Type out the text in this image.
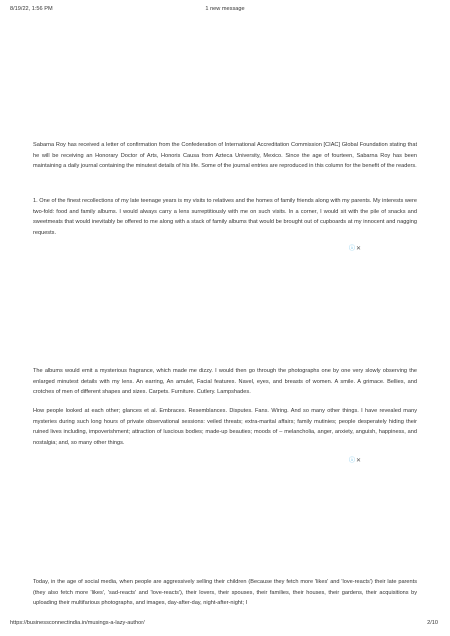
8/19/22, 1:56 PM	1 new message

Sabarna Roy has received a letter of confirmation from the Confederation of International Accreditation Commission [CIAC] Global Foundation stating that he will be receiving an Honorary Doctor of Arts, Honoris Causa from Azteca University, Mexico. Since the age of fourteen, Sabarna Roy has been maintaining a daily journal containing the minutest details of his life. Some of the journal entries are reproduced in this column for the benefit of the readers.

1. One of the finest recollections of my late teenage years is my visits to relatives and the homes of family friends along with my parents. My interests were two-fold: food and family albums. I would always carry a lens surreptitiously with me on such visits. In a corner, I would sit with the pile of snacks and sweetmeats that would inevitably be offered to me along with a stack of family albums that would be brought out of cupboards at my innocent and nagging requests.

ⓘ✕

The albums would emit a mysterious fragrance, which made me dizzy. I would then go through the photographs one by one very slowly observing the enlarged minutest details with my lens. An earring, An amulet, Facial features. Navel, eyes, and breasts of women. A smile. A grimace. Bellies, and crotches of men of different shapes and sizes. Carpets. Furniture. Cutlery. Lampshades.

How people looked at each other; glances et al. Embraces. Resemblances. Disputes. Fans. Wiring. And so many other things. I have revealed many mysteries during such long hours of private observational sessions: veiled threats; extra-marital affairs; family mutinies; people desperately hiding their ruined lives including, impoverishment; attraction of luscious bodies; made-up beauties; moods of – melancholia, anger, anxiety, anguish, happiness, and nostalgia; and, so many other things.

ⓘ✕

Today, in the age of social media, when people are aggressively selling their children (Because they fetch more 'likes' and 'love-reacts') their late parents (they also fetch more 'likes', 'sad-reacts' and 'love-reacts'), their lovers, their spouses, their families, their houses, their gardens, their acquisitions by uploading their multifarious photographs, and images, day-after-day, night-after-night; I

https://businessconnectindia.in/musings-a-lazy-author/	2/10
